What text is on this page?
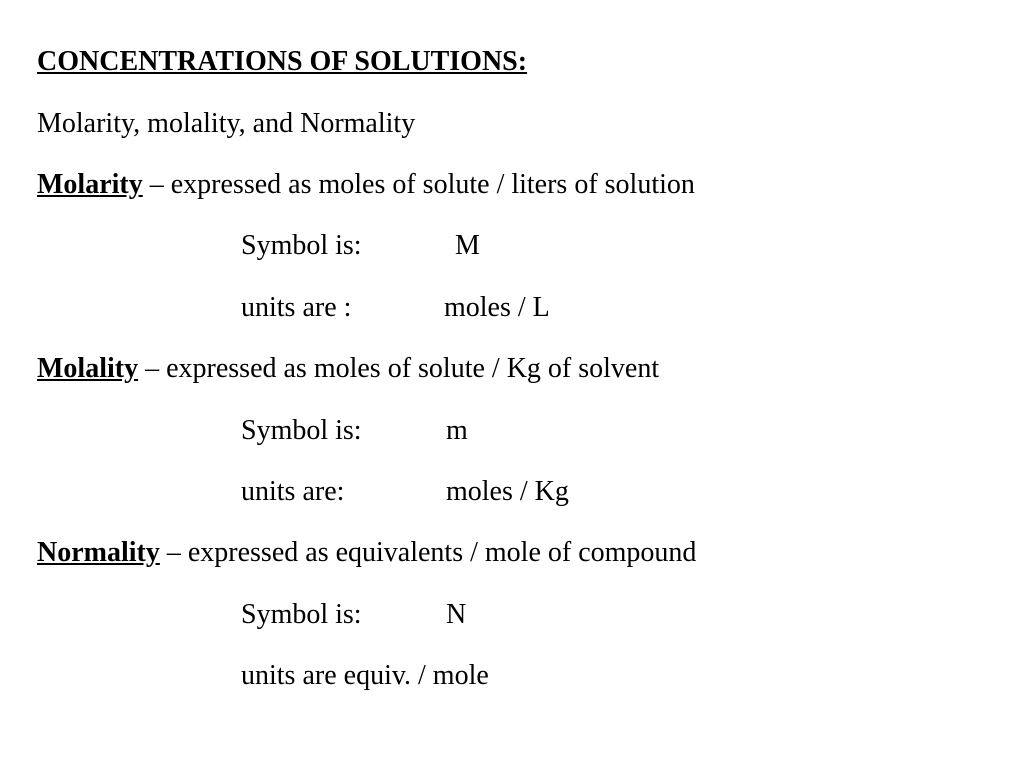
CONCENTRATIONS OF SOLUTIONS:
Molarity, molality, and Normality
Molarity – expressed as moles of solute / liters of solution
Symbol is:	M
units are :	moles / L
Molality – expressed as moles of solute / Kg of solvent
Symbol is:	m
units are:	moles / Kg
Normality – expressed as equivalents / mole of compound
Symbol is:	N
units are equiv. / mole
